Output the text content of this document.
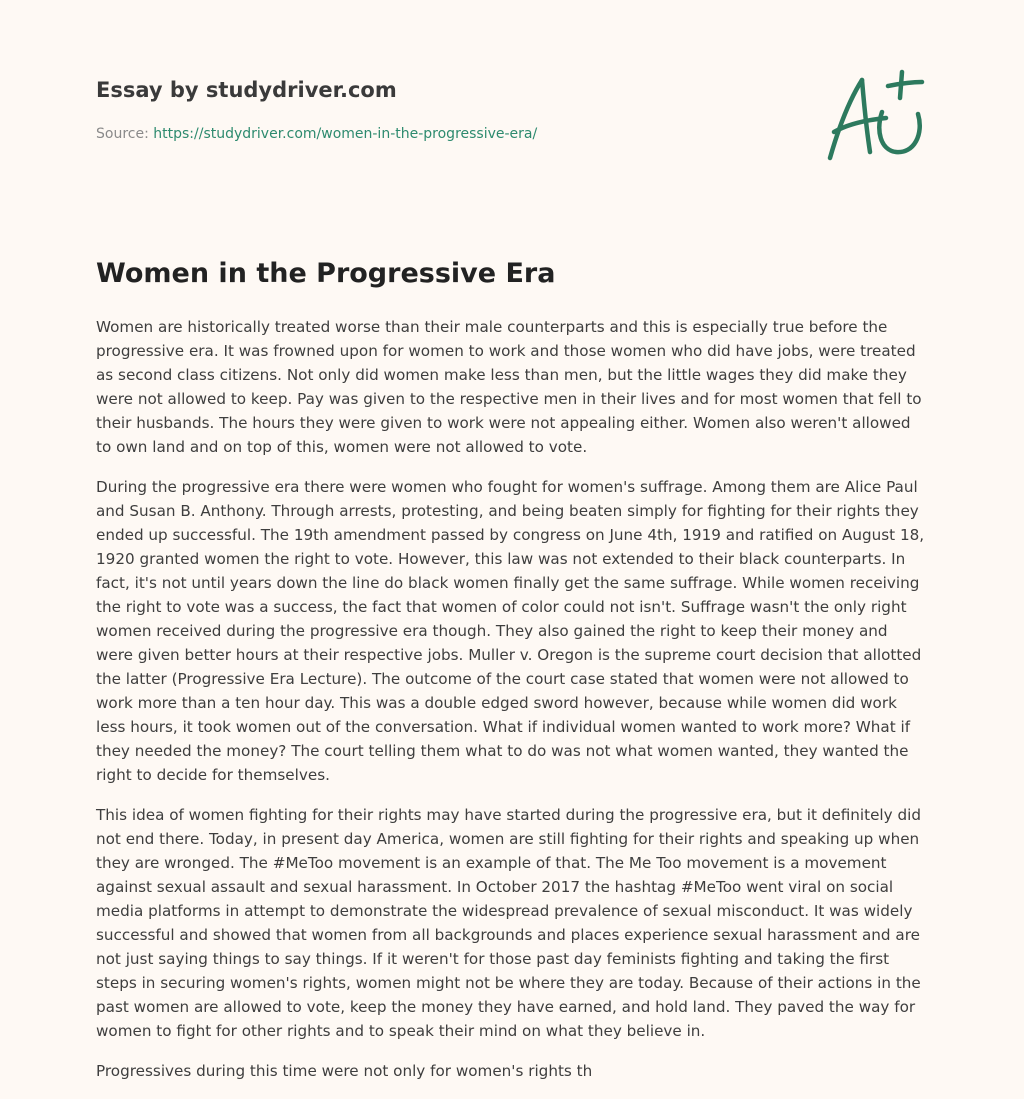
Essay by studydriver.com
Source: https://studydriver.com/women-in-the-progressive-era/
Women in the Progressive Era

Women are historically treated worse than their male counterparts and this is especially true before the progressive era. It was frowned upon for women to work and those women who did have jobs, were treated as second class citizens. Not only did women make less than men, but the little wages they did make they were not allowed to keep. Pay was given to the respective men in their lives and for most women that fell to their husbands. The hours they were given to work were not appealing either. Women also weren't allowed to own land and on top of this, women were not allowed to vote.

During the progressive era there were women who fought for women's suffrage. Among them are Alice Paul and Susan B. Anthony. Through arrests, protesting, and being beaten simply for fighting for their rights they ended up successful. The 19th amendment passed by congress on June 4th, 1919 and ratified on August 18, 1920 granted women the right to vote. However, this law was not extended to their black counterparts. In fact, it's not until years down the line do black women finally get the same suffrage. While women receiving the right to vote was a success, the fact that women of color could not isn't. Suffrage wasn't the only right women received during the progressive era though. They also gained the right to keep their money and were given better hours at their respective jobs. Muller v. Oregon is the supreme court decision that allotted the latter (Progressive Era Lecture). The outcome of the court case stated that women were not allowed to work more than a ten hour day. This was a double edged sword however, because while women did work less hours, it took women out of the conversation. What if individual women wanted to work more? What if they needed the money? The court telling them what to do was not what women wanted, they wanted the right to decide for themselves.

This idea of women fighting for their rights may have started during the progressive era, but it definitely did not end there. Today, in present day America, women are still fighting for their rights and speaking up when they are wronged. The #MeToo movement is an example of that. The Me Too movement is a movement against sexual assault and sexual harassment. In October 2017 the hashtag #MeToo went viral on social media platforms in attempt to demonstrate the widespread prevalence of sexual misconduct. It was widely successful and showed that women from all backgrounds and places experience sexual harassment and are not just saying things to say things. If it weren't for those past day feminists fighting and taking the first steps in securing women's rights, women might not be where they are today. Because of their actions in the past women are allowed to vote, keep the money they have earned, and hold land. They paved the way for women to fight for other rights and to speak their mind on what they believe in.

Progressives during this time were not only for women's rights th
